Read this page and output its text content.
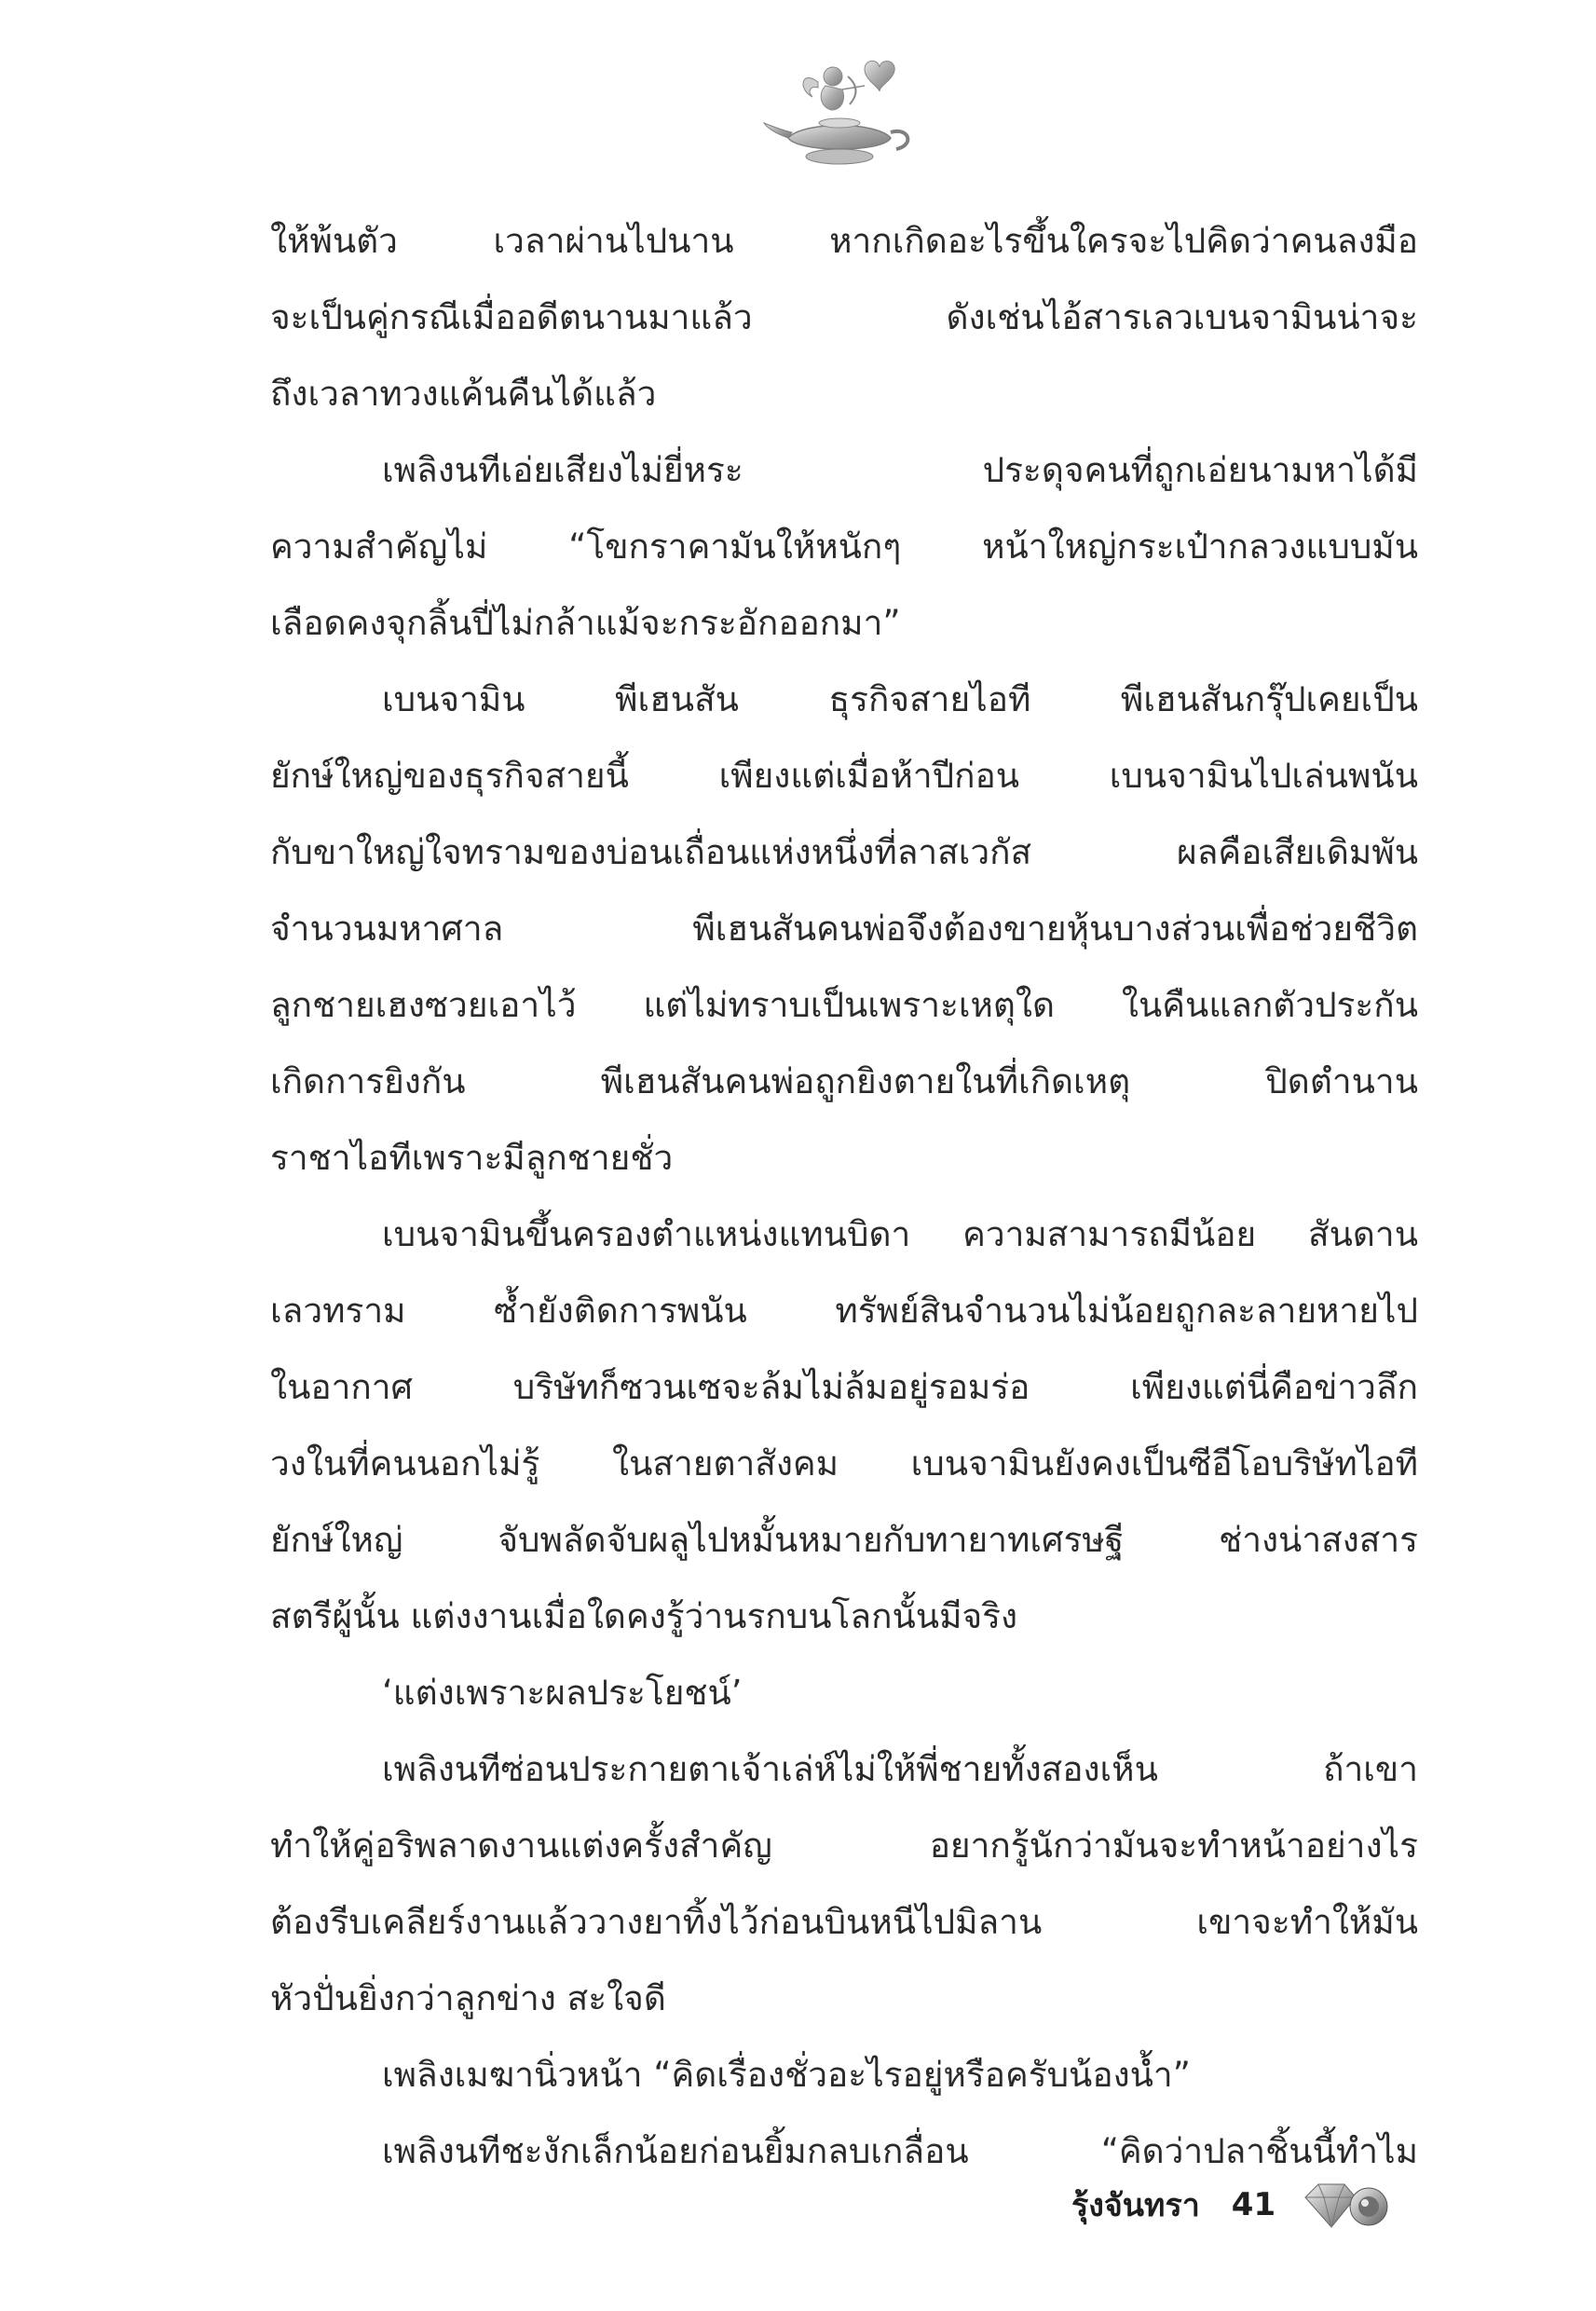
ให้พ้นตัว เวลาผ่านไปนาน หากเกิดอะไรขึ้นใครจะไปคิดว่าคนลงมือ
จะเป็นคู่กรณีเมื่ออดีตนานมาแล้ว ดังเช่นไอ้สารเลวเบนจามินน่าจะ
ถึงเวลาทวงแค้นคืนได้แล้ว
เพลิงนทีเอ่ยเสียงไม่ยี่หระ ประดุจคนที่ถูกเอ่ยนามหาได้มี
ความสำคัญไม่ “โขกราคามันให้หนักๆ หน้าใหญ่กระเป๋ากลวงแบบมัน
เลือดคงจุกลิ้นปี่ไม่กล้าแม้จะกระอักออกมา”
เบนจามิน พีเฮนสัน ธุรกิจสายไอที พีเฮนสันกรุ๊ปเคยเป็น
ยักษ์ใหญ่ของธุรกิจสายนี้ เพียงแต่เมื่อห้าปีก่อน เบนจามินไปเล่นพนัน
กับขาใหญ่ใจทรามของบ่อนเถื่อนแห่งหนึ่งที่ลาสเวกัส ผลคือเสียเดิมพัน
จำนวนมหาศาล พีเฮนสันคนพ่อจึงต้องขายหุ้นบางส่วนเพื่อช่วยชีวิต
ลูกชายเฮงซวยเอาไว้ แต่ไม่ทราบเป็นเพราะเหตุใด ในคืนแลกตัวประกัน
เกิดการยิงกัน พีเฮนสันคนพ่อถูกยิงตายในที่เกิดเหตุ ปิดตำนาน
ราชาไอทีเพราะมีลูกชายชั่ว
เบนจามินขึ้นครองตำแหน่งแทนบิดา ความสามารถมีน้อย สันดาน
เลวทราม ซ้ำยังติดการพนัน ทรัพย์สินจำนวนไม่น้อยถูกละลายหายไป
ในอากาศ บริษัทก็ซวนเซจะล้มไม่ล้มอยู่รอมร่อ เพียงแต่นี่คือข่าวลึก
วงในที่คนนอกไม่รู้ ในสายตาสังคม เบนจามินยังคงเป็นซีอีโอบริษัทไอที
ยักษ์ใหญ่ จับพลัดจับผลูไปหมั้นหมายกับทายาทเศรษฐี ช่างน่าสงสาร
สตรีผู้นั้น แต่งงานเมื่อใดคงรู้ว่านรกบนโลกนั้นมีจริง
‘แต่งเพราะผลประโยชน์’
เพลิงนทีซ่อนประกายตาเจ้าเล่ห์ไม่ให้พี่ชายทั้งสองเห็น ถ้าเขา
ทำให้คู่อริพลาดงานแต่งครั้งสำคัญ อยากรู้นักว่ามันจะทำหน้าอย่างไร
ต้องรีบเคลียร์งานแล้ววางยาทิ้งไว้ก่อนบินหนีไปมิลาน เขาจะทำให้มัน
หัวปั่นยิ่งกว่าลูกข่าง สะใจดี
เพลิงเมฆานิ่วหน้า “คิดเรื่องชั่วอะไรอยู่หรือครับน้องน้ำ”
เพลิงนทีชะงักเล็กน้อยก่อนยิ้มกลบเกลื่อน “คิดว่าปลาชิ้นนี้ทำไม
รุ้งจันทรา 41
